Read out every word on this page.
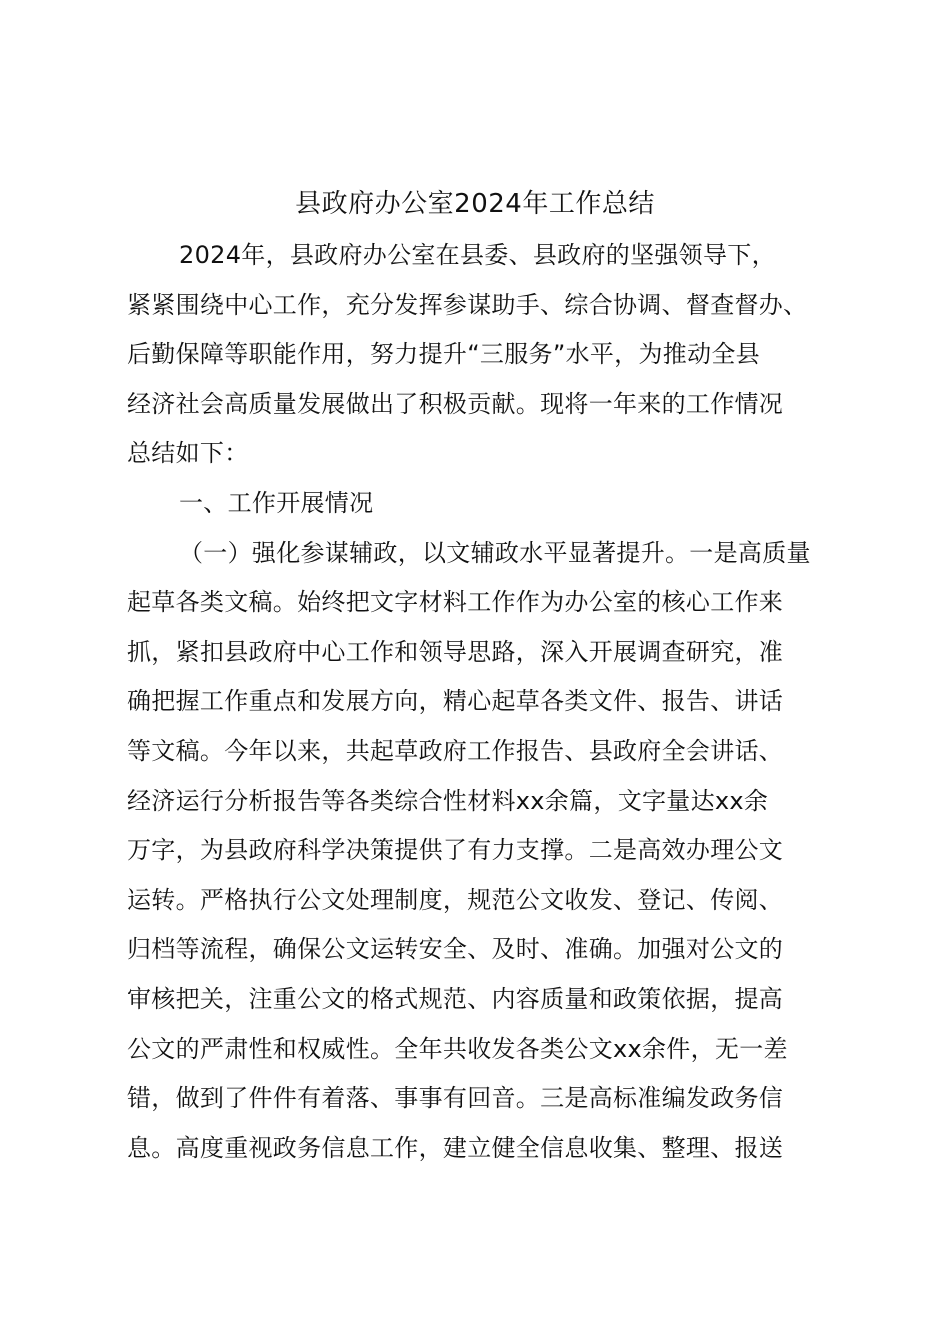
县政府办公室2024年工作总结
2024年，县政府办公室在县委、县政府的坚强领导下，
紧紧围绕中心工作，充分发挥参谋助手、综合协调、督查督办、
后勤保障等职能作用，努力提升“三服务”水平，为推动全县
经济社会高质量发展做出了积极贡献。现将一年来的工作情况
总结如下：
一、工作开展情况
（一）强化参谋辅政，以文辅政水平显著提升。一是高质量
起草各类文稿。始终把文字材料工作作为办公室的核心工作来
抓，紧扣县政府中心工作和领导思路，深入开展调查研究，准
确把握工作重点和发展方向，精心起草各类文件、报告、讲话
等文稿。今年以来，共起草政府工作报告、县政府全会讲话、
经济运行分析报告等各类综合性材料xx余篇，文字量达xx余
万字，为县政府科学决策提供了有力支撑。二是高效办理公文
运转。严格执行公文处理制度，规范公文收发、登记、传阅、
归档等流程，确保公文运转安全、及时、准确。加强对公文的
审核把关，注重公文的格式规范、内容质量和政策依据，提高
公文的严肃性和权威性。全年共收发各类公文xx余件，无一差
错，做到了件件有着落、事事有回音。三是高标准编发政务信
息。高度重视政务信息工作，建立健全信息收集、整理、报送
